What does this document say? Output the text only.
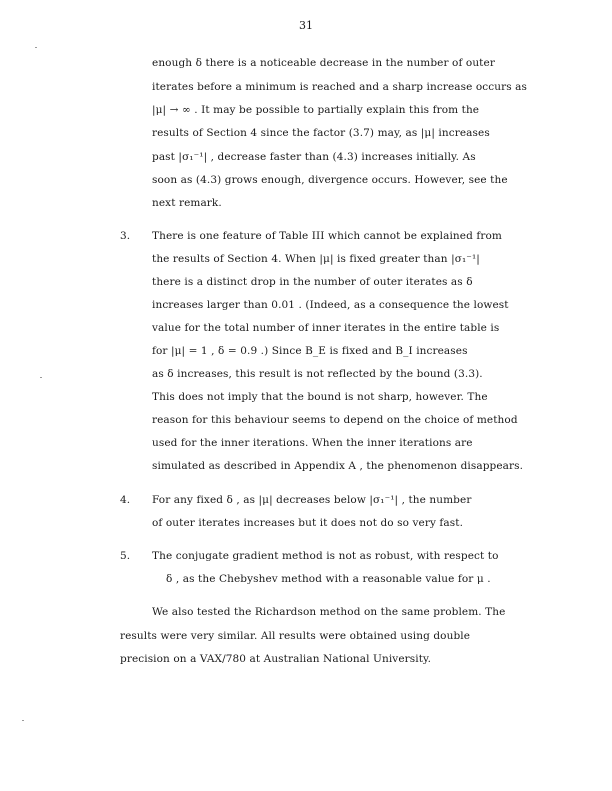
31
enough δ there is a noticeable decrease in the number of outer
iterates before a minimum is reached and a sharp increase occurs as
|μ| → ∞ . It may be possible to partially explain this from the
results of Section 4 since the factor (3.7) may, as |μ| increases
past |σ₁⁻¹| , decrease faster than (4.3) increases initially. As
soon as (4.3) grows enough, divergence occurs. However, see the
next remark.
3. There is one feature of Table III which cannot be explained from
the results of Section 4. When |μ| is fixed greater than |σ₁⁻¹|
there is a distinct drop in the number of outer iterates as δ
increases larger than 0.01 . (Indeed, as a consequence the lowest
value for the total number of inner iterates in the entire table is
for |μ| = 1 , δ = 0.9 .) Since B_E is fixed and B_I increases
as δ increases, this result is not reflected by the bound (3.3).
This does not imply that the bound is not sharp, however. The
reason for this behaviour seems to depend on the choice of method
used for the inner iterations. When the inner iterations are
simulated as described in Appendix A , the phenomenon disappears.
4. For any fixed δ , as |μ| decreases below |σ₁⁻¹| , the number
of outer iterates increases but it does not do so very fast.
5. The conjugate gradient method is not as robust, with respect to
δ , as the Chebyshev method with a reasonable value for μ .
We also tested the Richardson method on the same problem. The
results were very similar. All results were obtained using double
precision on a VAX/780 at Australian National University.
